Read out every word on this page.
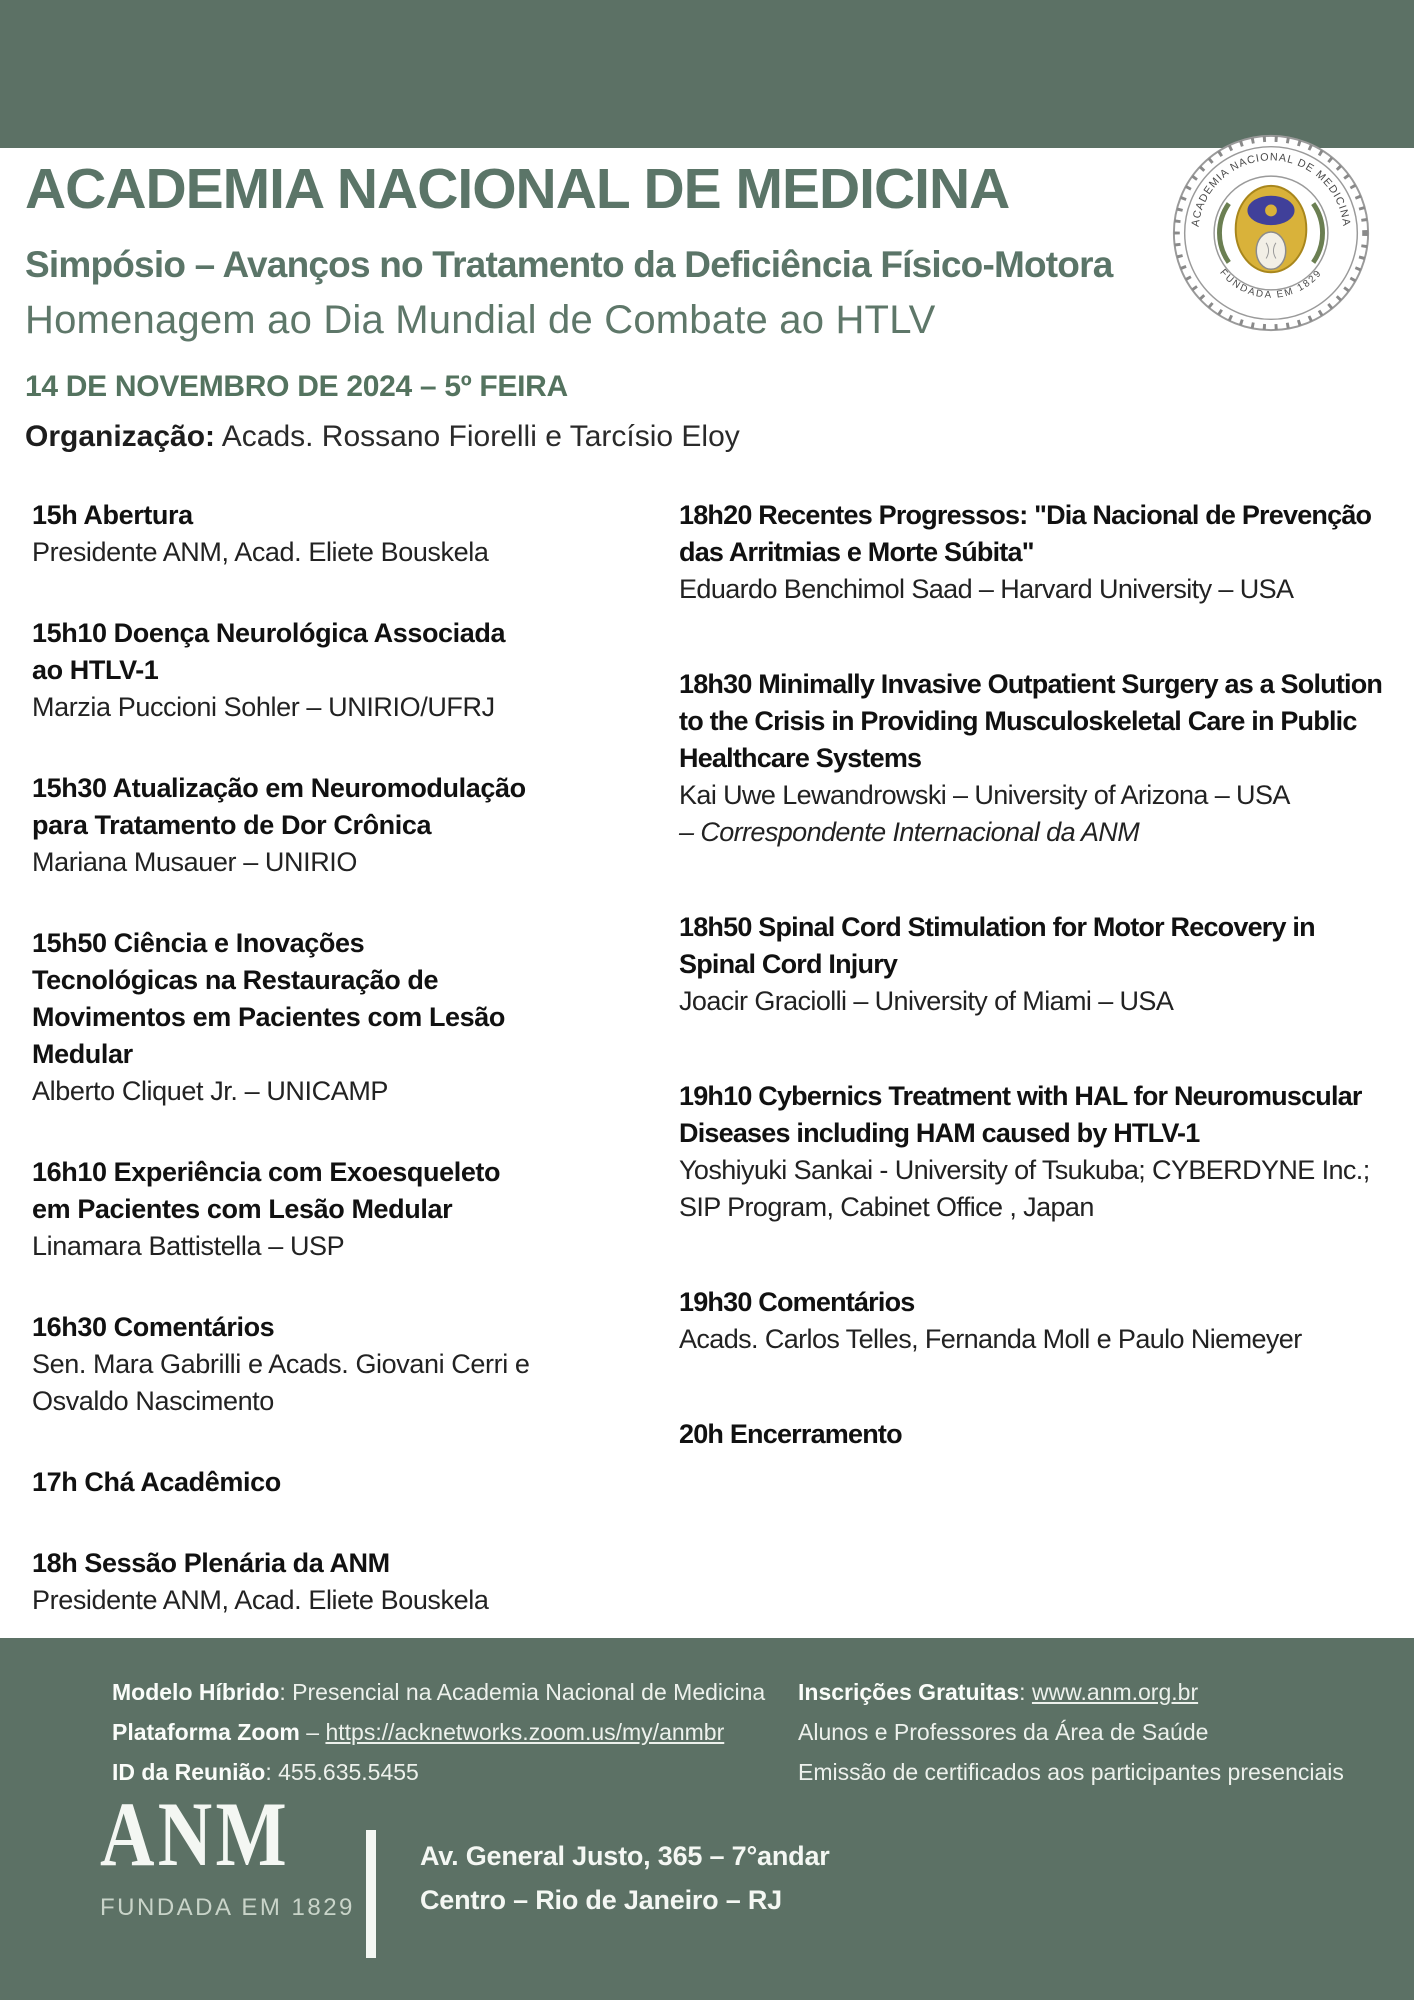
ACADEMIA NACIONAL DE MEDICINA
Simpósio – Avanços no Tratamento da Deficiência Físico-Motora
Homenagem ao Dia Mundial de Combate ao HTLV
14 DE NOVEMBRO DE 2024 – 5º FEIRA
Organização: Acads. Rossano Fiorelli e Tarcísio Eloy
ACADEMIA NACIONAL DE MEDICINA
FUNDADA EM 1829
15h Abertura
Presidente ANM, Acad. Eliete Bouskela
15h10 Doença Neurológica Associada ao HTLV-1
Marzia Puccioni Sohler – UNIRIO/UFRJ
15h30 Atualização em Neuromodulação para Tratamento de Dor Crônica
Mariana Musauer – UNIRIO
15h50 Ciência e Inovações Tecnológicas na Restauração de Movimentos em Pacientes com Lesão Medular
Alberto Cliquet Jr. – UNICAMP
16h10 Experiência com Exoesqueleto em Pacientes com Lesão Medular
Linamara Battistella – USP
16h30 Comentários
Sen. Mara Gabrilli e Acads. Giovani Cerri e Osvaldo Nascimento
17h Chá Acadêmico
18h Sessão Plenária da ANM
Presidente ANM, Acad. Eliete Bouskela
18h20 Recentes Progressos: "Dia Nacional de Prevenção das Arritmias e Morte Súbita"
Eduardo Benchimol Saad – Harvard University – USA
18h30 Minimally Invasive Outpatient Surgery as a Solution to the Crisis in Providing Musculoskeletal Care in Public Healthcare Systems
Kai Uwe Lewandrowski – University of Arizona – USA
– Correspondente Internacional da ANM
18h50 Spinal Cord Stimulation for Motor Recovery in Spinal Cord Injury
Joacir Graciolli – University of Miami – USA
19h10 Cybernics Treatment with HAL for Neuromuscular Diseases including HAM caused by HTLV-1
Yoshiyuki Sankai - University of Tsukuba; CYBERDYNE Inc.; SIP Program, Cabinet Office , Japan
19h30 Comentários
Acads. Carlos Telles, Fernanda Moll e Paulo Niemeyer
20h Encerramento
Modelo Híbrido: Presencial na Academia Nacional de Medicina
Plataforma Zoom – https://acknetworks.zoom.us/my/anmbr
ID da Reunião: 455.635.5455
Inscrições Gratuitas: www.anm.org.br
Alunos e Professores da Área de Saúde
Emissão de certificados aos participantes presenciais
ANM
FUNDADA EM 1829
Av. General Justo, 365 – 7°andar
Centro – Rio de Janeiro – RJ
